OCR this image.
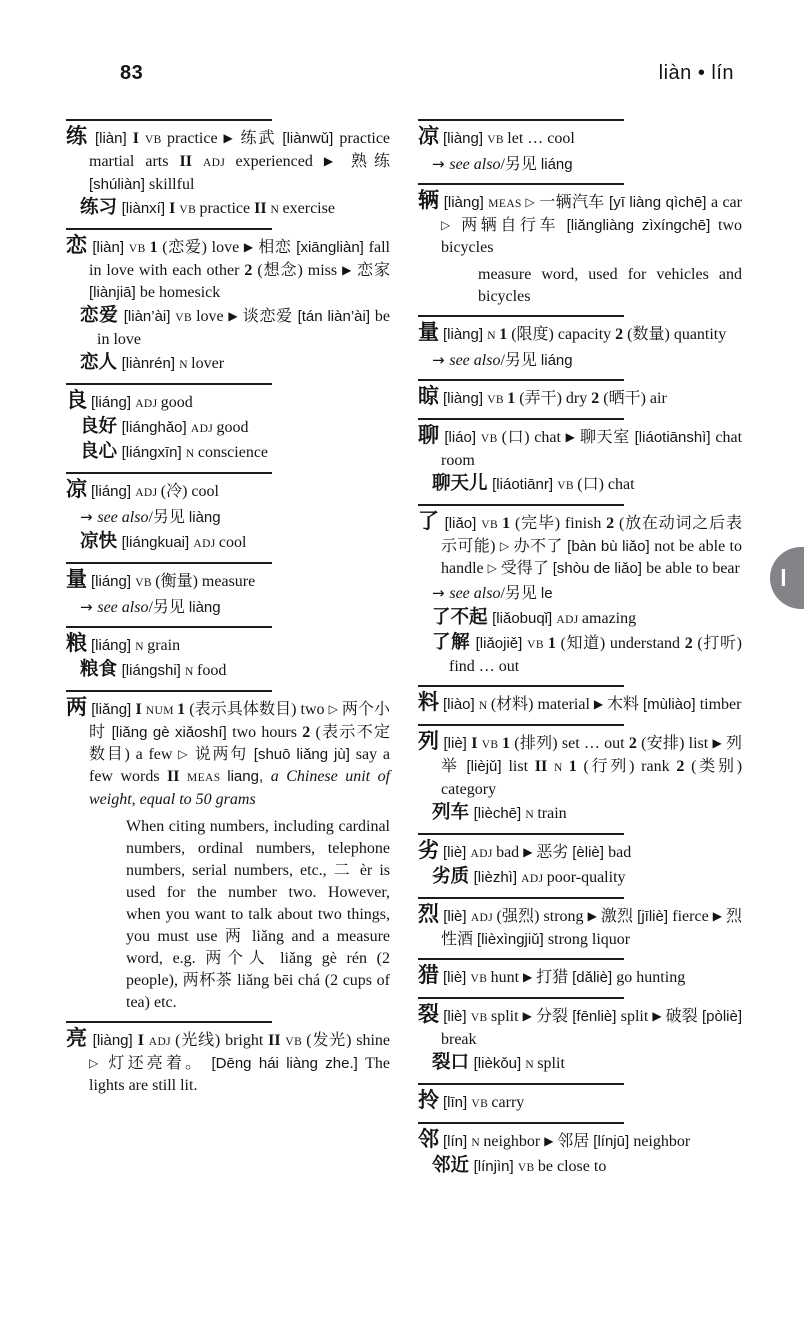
83	liàn • lín

练 [liàn] I VB practice ▶ 练武 [liànwǔ] practice martial arts II ADJ experienced ▶ 熟练 [shúliàn] skillful

练习 [liànxí] I VB practice II N exercise

恋 [liàn] VB 1 (恋爱) love ▶ 相恋 [xiāngliàn] fall in love with each other 2 (想念) miss ▶ 恋家 [liànjiā] be homesick

恋爱 [liàn’ài] VB love ▶ 谈恋爱 [tán liàn’ài] be in love

恋人 [liànrén] N lover

良 [liáng] ADJ good

良好 [liánghǎo] ADJ good

良心 [liángxīn] N conscience

凉 [liáng] ADJ (冷) cool

→ see also/另见 liàng

凉快 [liángkuai] ADJ cool

量 [liáng] VB (衡量) measure

→ see also/另见 liàng

粮 [liáng] N grain

粮食 [liángshi] N food

两 [liǎng] I NUM 1 (表示具体数目) two ▷ 两个小时 [liǎng gè xiǎoshí] two hours 2 (表示不定数目) a few ▷ 说两句 [shuō liǎng jù] say a few words II MEAS liang, a Chinese unit of weight, equal to 50 grams

When citing numbers, including cardinal numbers, ordinal numbers, telephone numbers, serial numbers, etc., 二 èr is used for the number two. However, when you want to talk about two things, you must use 两 liǎng and a measure word, e.g. 两个人 liǎng gè rén (2 people), 两杯茶 liǎng bēi chá (2 cups of tea) etc.

亮 [liàng] I ADJ (光线) bright II VB (发光) shine ▷ 灯还亮着。 [Dēng hái liàng zhe.] The lights are still lit.

凉 [liàng] VB let … cool

→ see also/另见 liáng

辆 [liàng] MEAS ▷ 一辆汽车 [yī liàng qìchē] a car ▷ 两辆自行车 [liǎngliàng zìxíngchē] two bicycles

measure word, used for vehicles and bicycles

量 [liàng] N 1 (限度) capacity 2 (数量) quantity

→ see also/另见 liáng

晾 [liàng] VB 1 (弄干) dry 2 (晒干) air

聊 [liáo] VB (口) chat ▶ 聊天室 [liáotiānshì] chat room

聊天儿 [liáotiānr] VB (口) chat

了 [liǎo] VB 1 (完毕) finish 2 (放在动词之后表示可能) ▷ 办不了 [bàn bù liǎo] not be able to handle ▷ 受得了 [shòu de liǎo] be able to bear

→ see also/另见 le

了不起 [liǎobuqǐ] ADJ amazing

了解 [liǎojiě] VB 1 (知道) understand 2 (打听) find … out

料 [liào] N (材料) material ▶ 木料 [mùliào] timber

列 [liè] I VB 1 (排列) set … out 2 (安排) list ▶ 列举 [lièjǔ] list II N 1 (行列) rank 2 (类别) category

列车 [lièchē] N train

劣 [liè] ADJ bad ▶ 恶劣 [èliè] bad

劣质 [lièzhì] ADJ poor-quality

烈 [liè] ADJ (强烈) strong ▶ 激烈 [jīliè] fierce ▶ 烈性酒 [lièxìngjiǔ] strong liquor

猎 [liè] VB hunt ▶ 打猎 [dǎliè] go hunting

裂 [liè] VB split ▶ 分裂 [fēnliè] split ▶ 破裂 [pòliè] break

裂口 [lièkǒu] N split

拎 [līn] VB carry

邻 [lín] N neighbor ▶ 邻居 [línjū] neighbor

邻近 [línjìn] VB be close to

l
